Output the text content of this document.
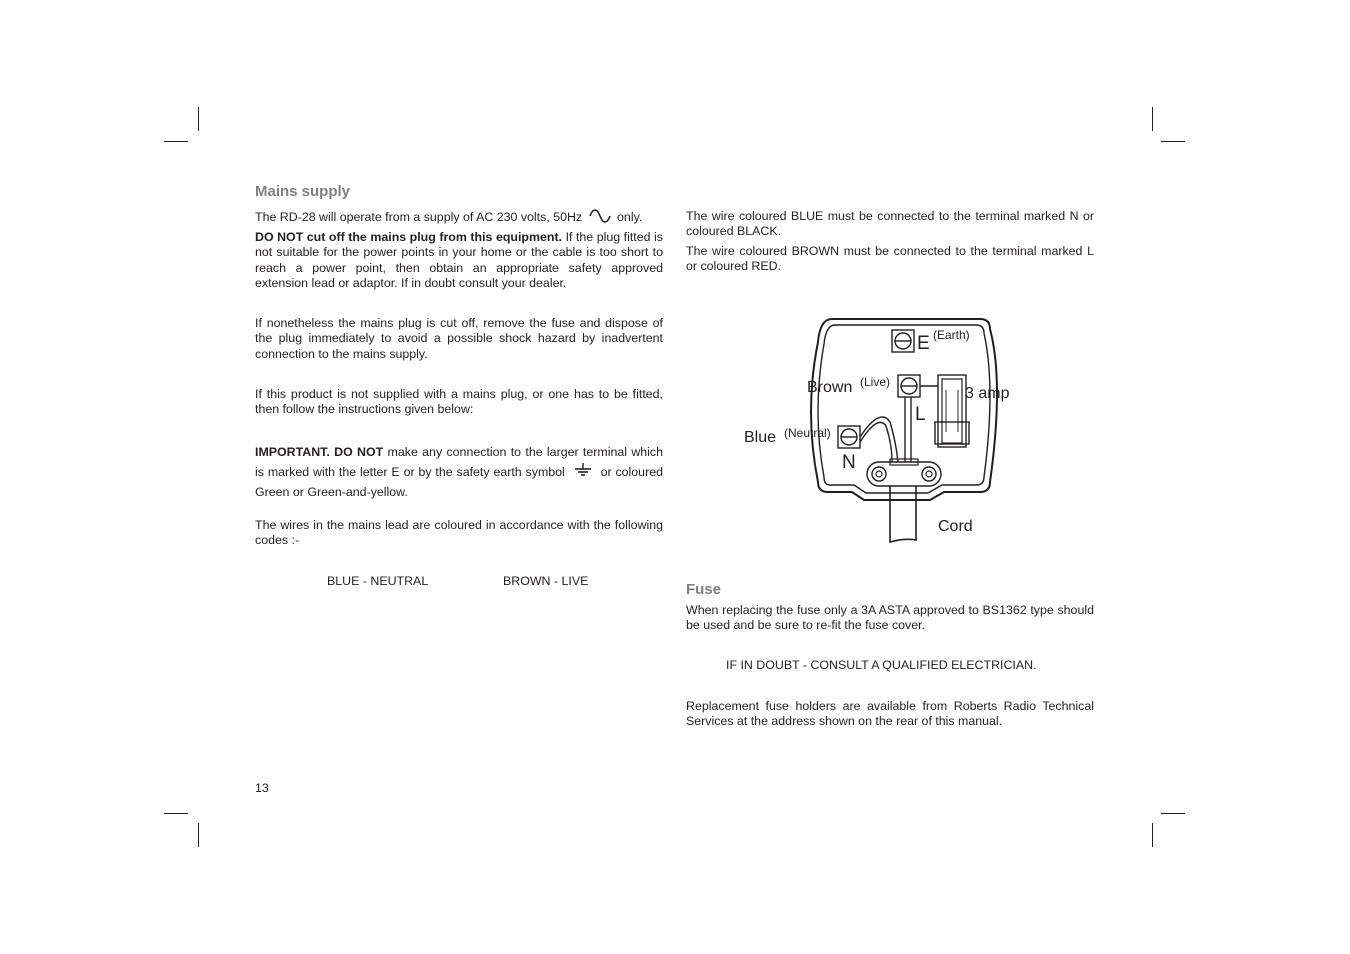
Mains supply
The RD-28 will operate from a supply of AC 230 volts, 50Hz	only.
DO NOT cut off the mains plug from this equipment. If the plug fitted is not suitable for the power points in your home or the cable is too short to reach a power point, then obtain an appropriate safety approved extension lead or adaptor. If in doubt consult your dealer.
If nonetheless the mains plug is cut off, remove the fuse and dispose of the plug immediately to avoid a possible shock hazard by inadvertent connection to the mains supply.
If this product is not supplied with a mains plug, or one has to be fitted, then follow the instructions given below:
IMPORTANT. DO NOT make any connection to the larger terminal which is marked with the letter E or by the safety earth symbol	or coloured Green or Green-and-yellow.
The wires in the mains lead are coloured in accordance with the following codes :-
BLUE - NEUTRAL	BROWN - LIVE
13
The wire coloured BLUE must be connected to the terminal marked N or coloured BLACK.
The wire coloured BROWN must be connected to the terminal marked L or coloured RED.
E (Earth)
3 amp
Brown (Live)
L
Blue (Neutral)
N
Cord
Fuse
When replacing the fuse only a 3A ASTA approved to BS1362 type should be used and be sure to re-fit the fuse cover.
IF IN DOUBT - CONSULT A QUALIFIED ELECTRICIAN.
Replacement fuse holders are available from Roberts Radio Technical Services at the address shown on the rear of this manual.
